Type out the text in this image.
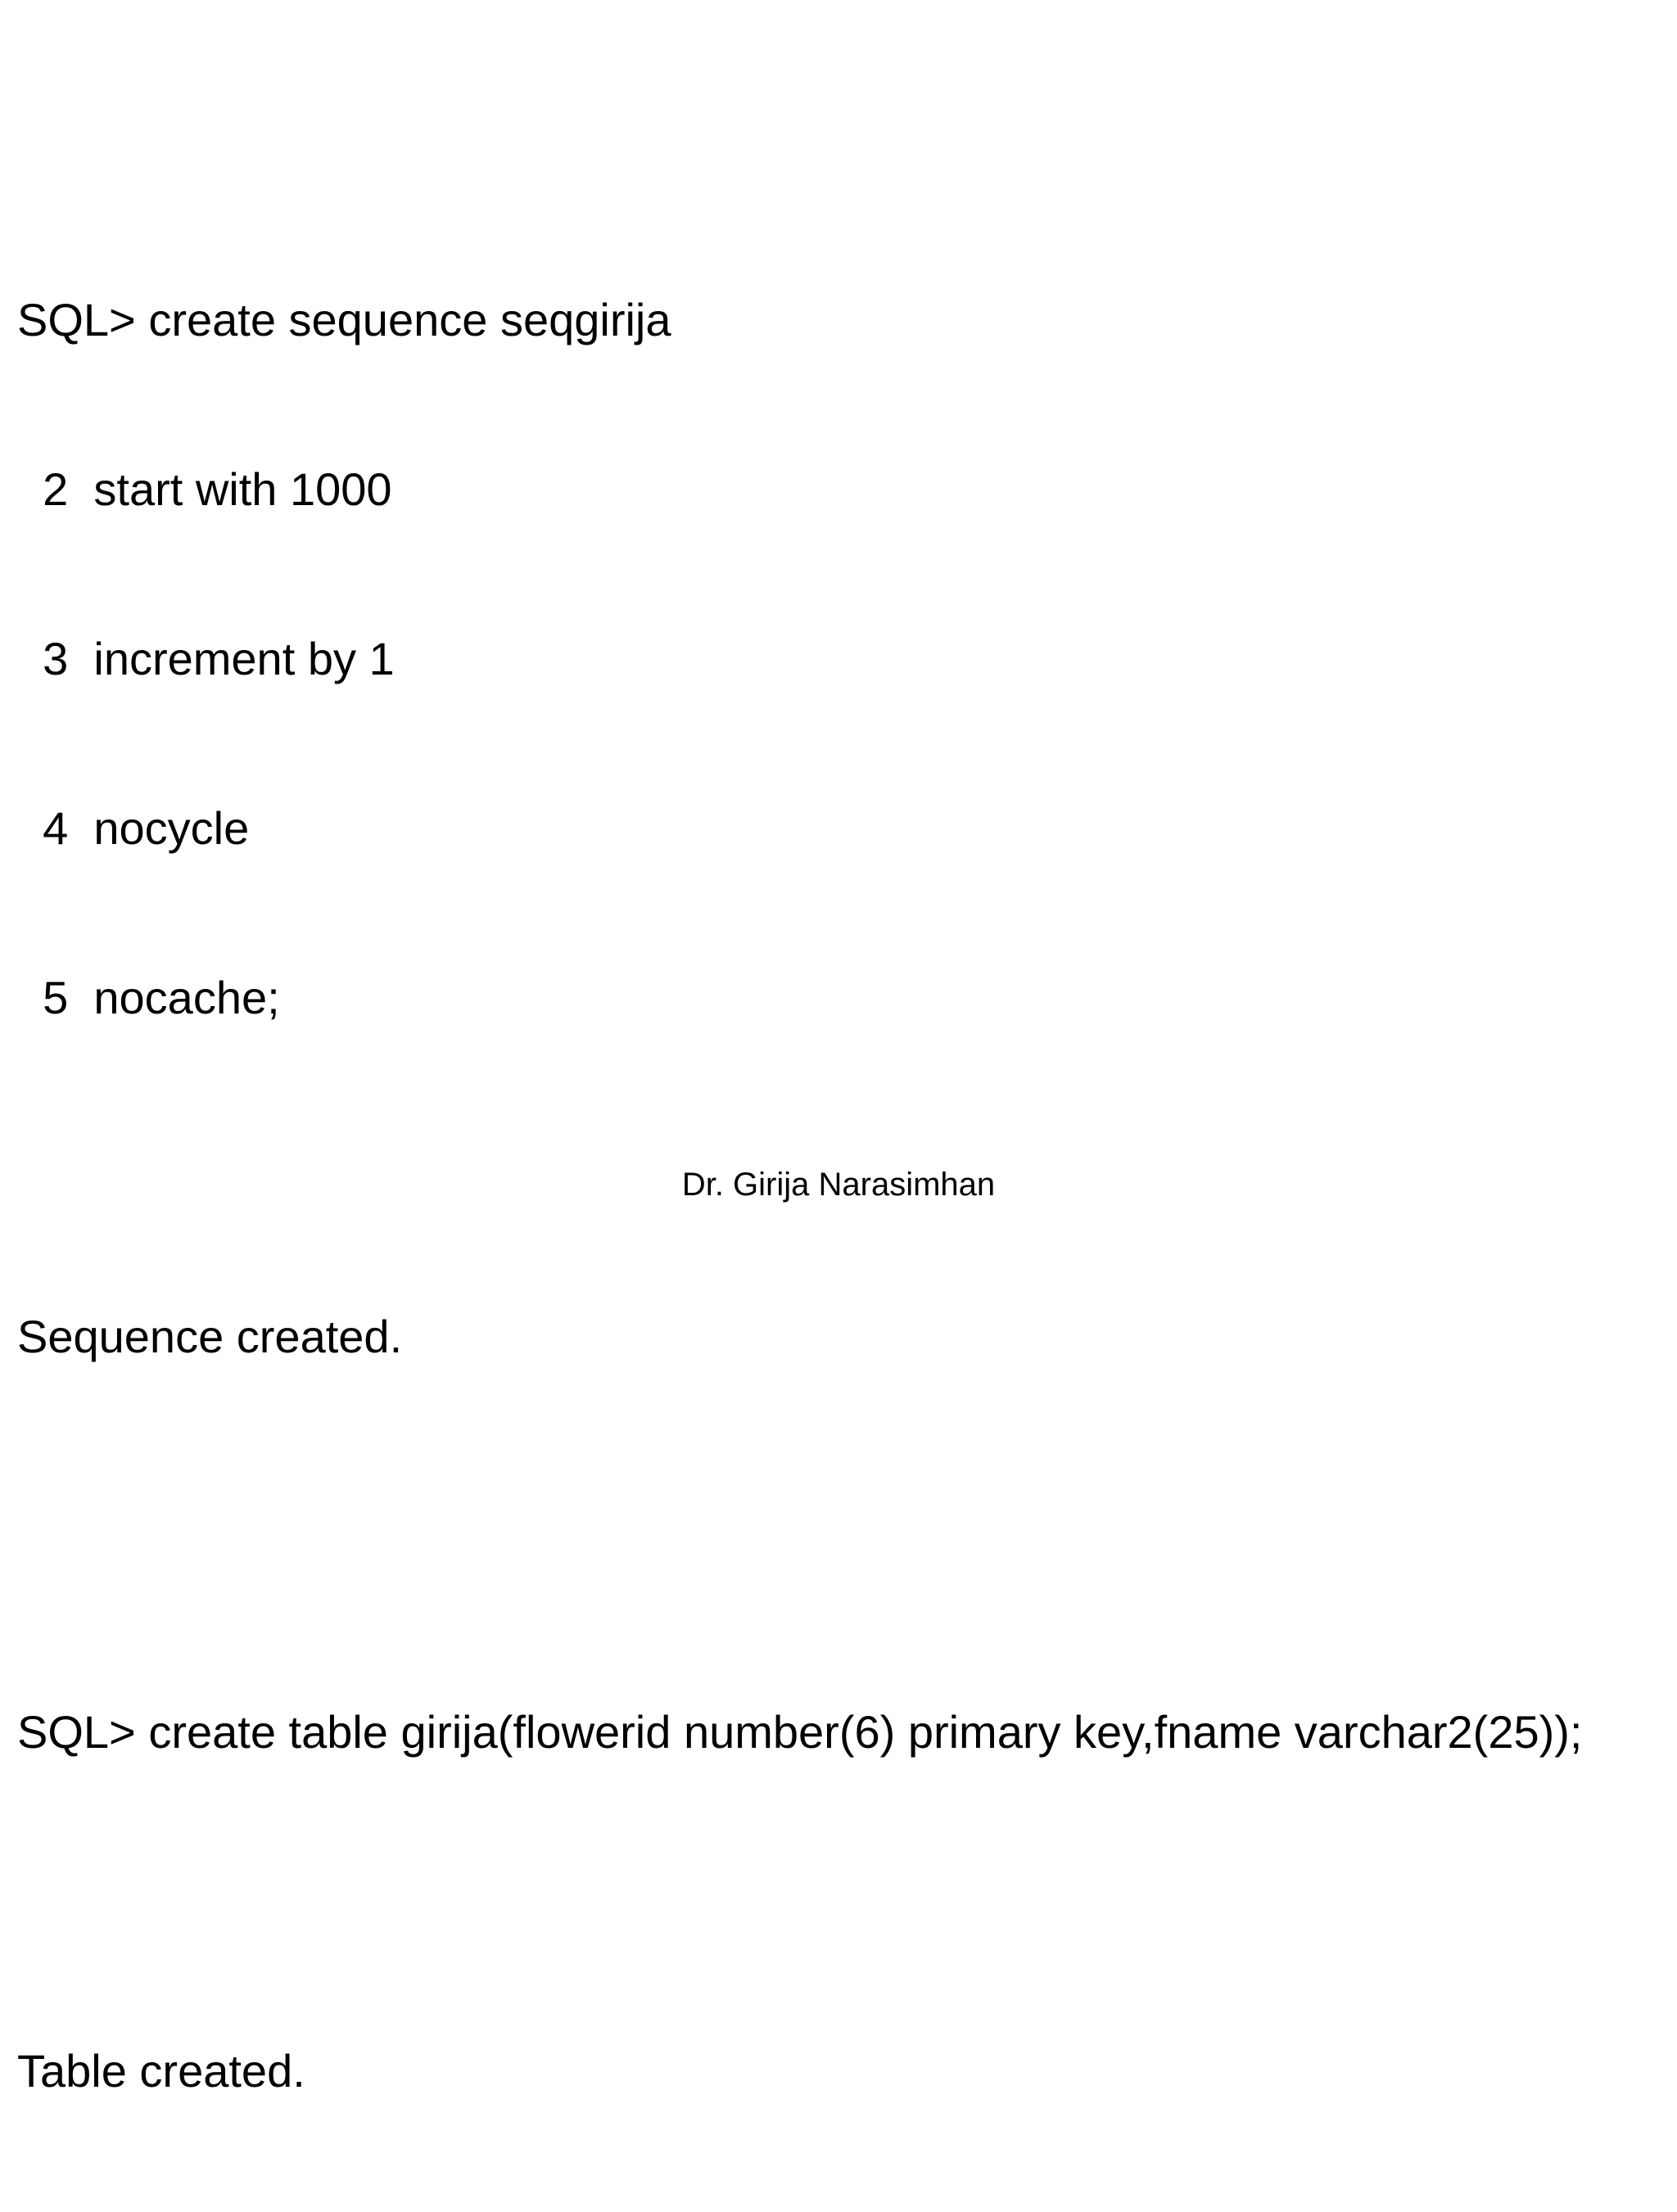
SQL> create sequence seqgirija

2  start with 1000

3  increment by 1

4  nocycle

5  nocache;

Sequence created.

SQL> create table girija(flowerid number(6) primary key,fname varchar2(25));

Table created.

Dr. Girija Narasimhan
